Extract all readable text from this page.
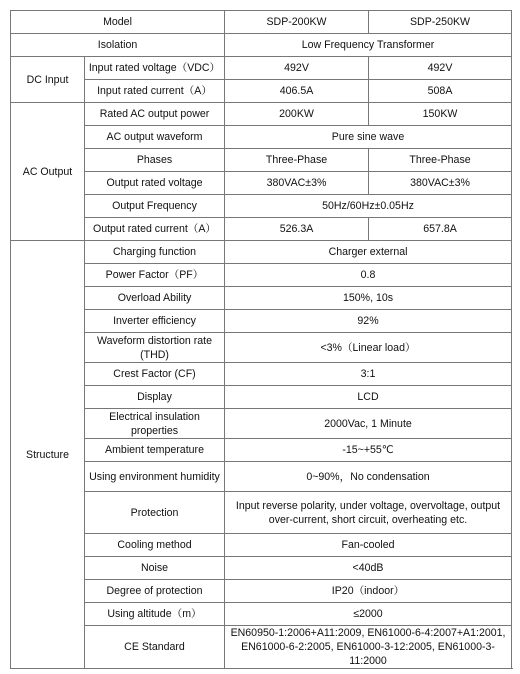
Model		SDP-200KW	SDP-250KW
Isolation		Low Frequency Transformer	
DC Input	Input rated voltage（VDC）	492V	492V
	Input rated current（A）	406.5A	508A
AC Output	Rated AC output power	200KW	150KW
	AC output waveform	Pure sine wave	
	Phases	Three-Phase	Three-Phase
	Output rated voltage	380VAC±3%	380VAC±3%
	Output Frequency	50Hz/60Hz±0.05Hz	
	Output rated current（A）	526.3A	657.8A
Structure	Charging function	Charger external	
	Power Factor（PF）	0.8	
	Overload Ability	150%, 10s	
	Inverter efficiency	92%	
	Waveform distortion rate (THD)	<3%（Linear load）	
	Crest Factor (CF)	3:1	
	Display	LCD	
	Electrical insulation properties	2000Vac, 1 Minute	
	Ambient temperature	-15~+55℃	
	Using environment humidity	0~90%，No condensation	
	Protection	Input reverse polarity, under voltage, overvoltage, output over-current, short circuit, overheating etc.	
	Cooling method	Fan-cooled	
	Noise	<40dB	
	Degree of protection	IP20（indoor）	
	Using altitude（m）	≤2000	
	CE Standard	EN60950-1:2006+A11:2009, EN61000-6-4:2007+A1:2001, EN61000-6-2:2005, EN61000-3-12:2005, EN61000-3-11:2000	
